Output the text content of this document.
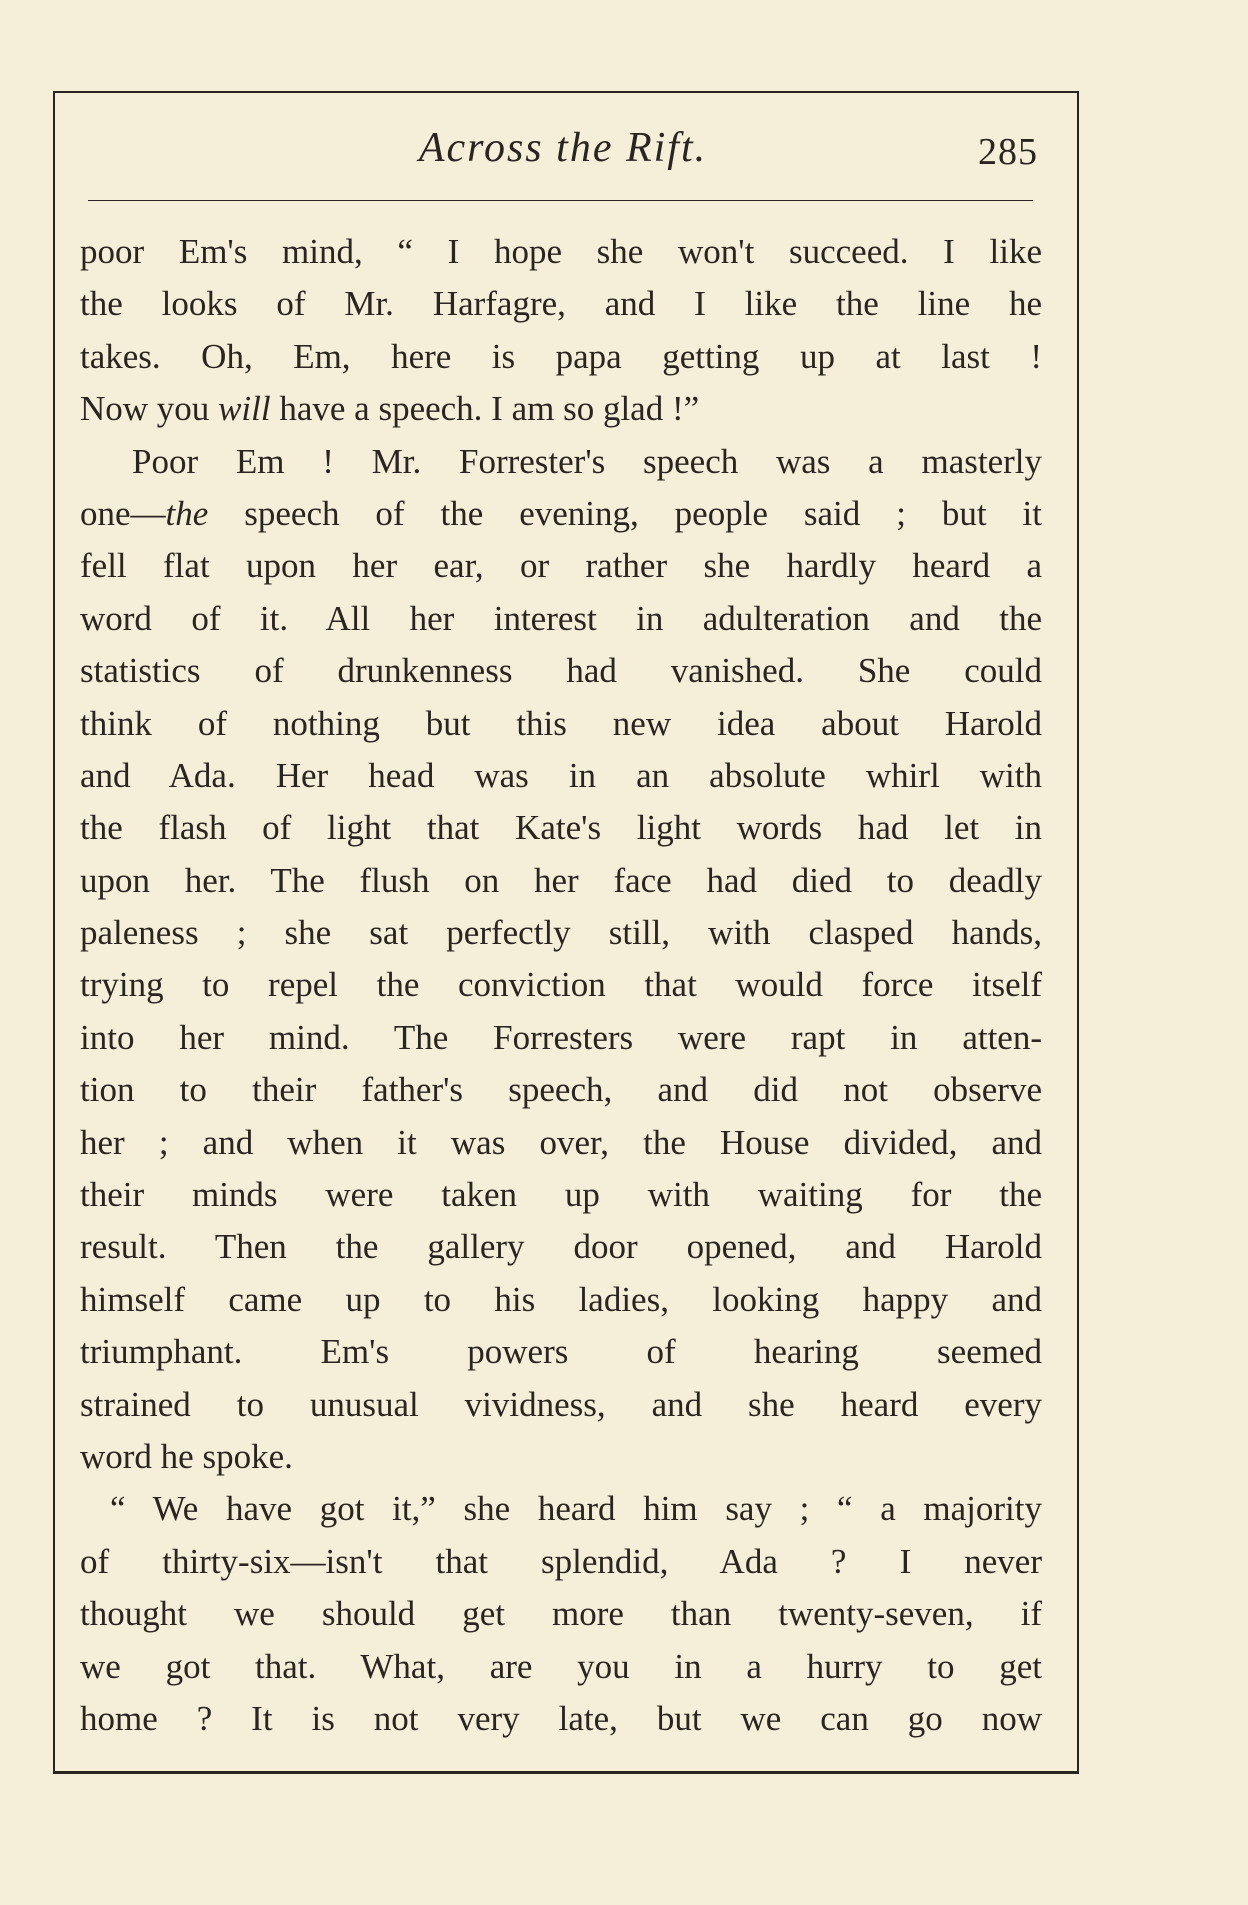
Across the Rift.	285
poor Em's mind, “ I hope she won't succeed. I like
the looks of Mr. Harfagre, and I like the line he
takes. Oh, Em, here is papa getting up at last !
Now you will have a speech. I am so glad !”
Poor Em ! Mr. Forrester's speech was a masterly
one—the speech of the evening, people said ; but it
fell flat upon her ear, or rather she hardly heard a
word of it. All her interest in adulteration and the
statistics of drunkenness had vanished. She could
think of nothing but this new idea about Harold
and Ada. Her head was in an absolute whirl with
the flash of light that Kate's light words had let in
upon her. The flush on her face had died to deadly
paleness ; she sat perfectly still, with clasped hands,
trying to repel the conviction that would force itself
into her mind. The Forresters were rapt in atten-
tion to their father's speech, and did not observe
her ; and when it was over, the House divided, and
their minds were taken up with waiting for the
result. Then the gallery door opened, and Harold
himself came up to his ladies, looking happy and
triumphant. Em's powers of hearing seemed
strained to unusual vividness, and she heard every
word he spoke.
“ We have got it,” she heard him say ; “ a majority
of thirty-six—isn't that splendid, Ada ? I never
thought we should get more than twenty-seven, if
we got that. What, are you in a hurry to get
home ? It is not very late, but we can go now
